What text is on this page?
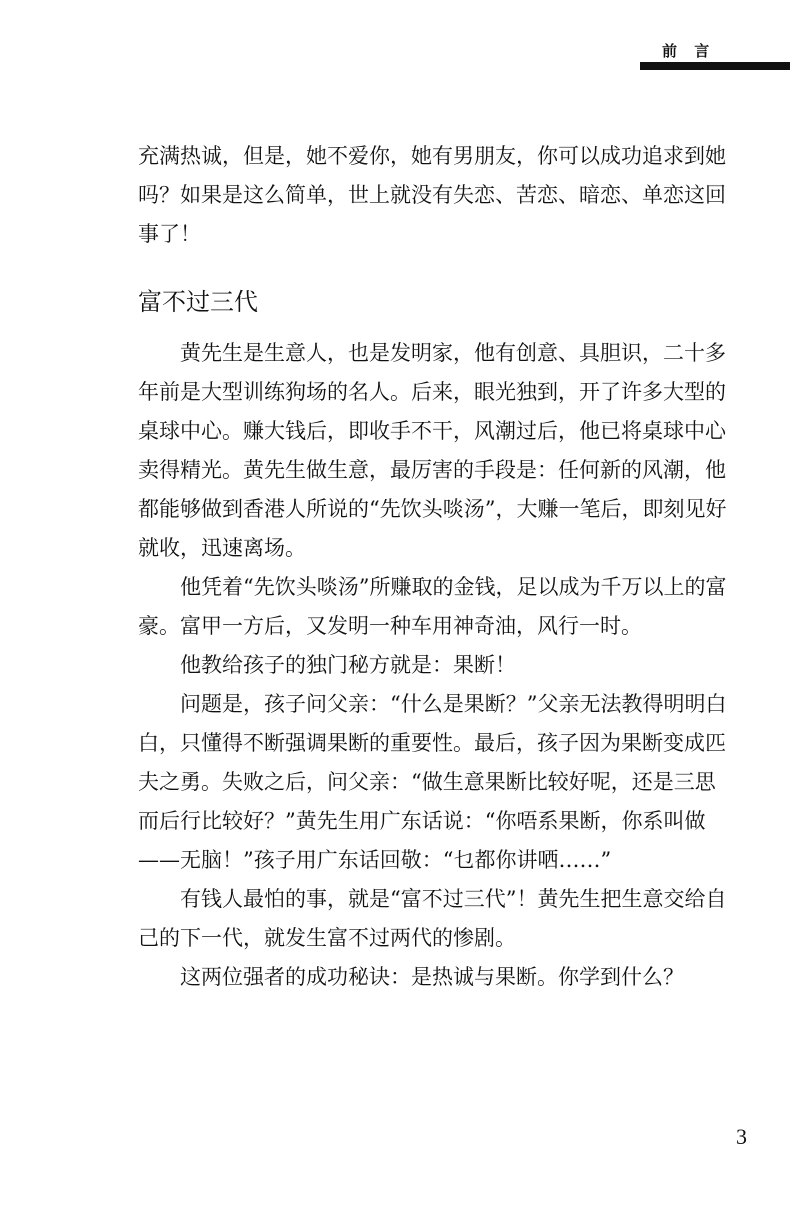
前 言

充满热诚，但是，她不爱你，她有男朋友，你可以成功追求到她吗？如果是这么简单，世上就没有失恋、苦恋、暗恋、单恋这回事了！

富不过三代

黄先生是生意人，也是发明家，他有创意、具胆识，二十多年前是大型训练狗场的名人。后来，眼光独到，开了许多大型的桌球中心。赚大钱后，即收手不干，风潮过后，他已将桌球中心卖得精光。黄先生做生意，最厉害的手段是：任何新的风潮，他都能够做到香港人所说的“先饮头啖汤”，大赚一笔后，即刻见好就收，迅速离场。

他凭着“先饮头啖汤”所赚取的金钱，足以成为千万以上的富豪。富甲一方后，又发明一种车用神奇油，风行一时。

他教给孩子的独门秘方就是：果断！

问题是，孩子问父亲：“什么是果断？”父亲无法教得明明白白，只懂得不断强调果断的重要性。最后，孩子因为果断变成匹夫之勇。失败之后，问父亲：“做生意果断比较好呢，还是三思而后行比较好？”黄先生用广东话说：“你唔系果断，你系叫做——无脑！”孩子用广东话回敬：“乜都你讲哂……”

有钱人最怕的事，就是“富不过三代”！黄先生把生意交给自己的下一代，就发生富不过两代的惨剧。

这两位强者的成功秘诀：是热诚与果断。你学到什么？

3
